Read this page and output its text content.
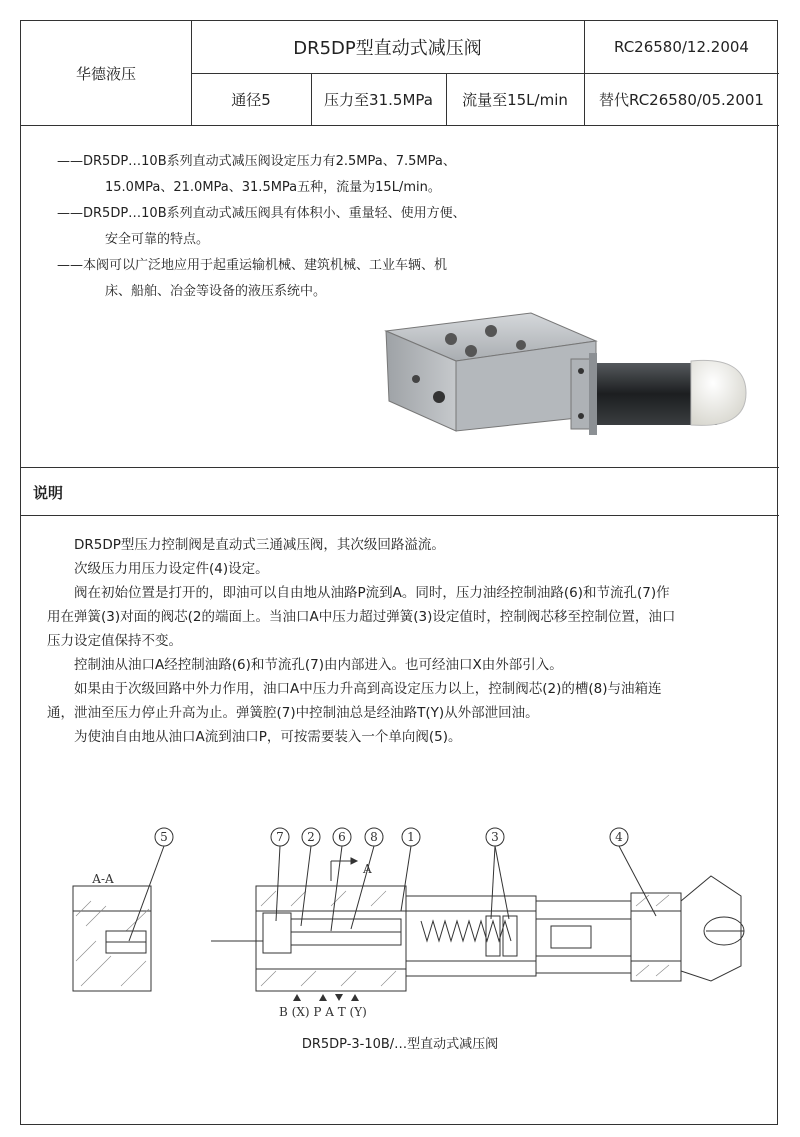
华德液压
DR5DP型直动式减压阀	RC26580/12.2004
通径5	压力至31.5MPa	流量至15L/min	替代RC26580/05.2001

——DR5DP…10B系列直动式减压阀设定压力有2.5MPa、7.5MPa、

15.0MPa、21.0MPa、31.5MPa五种，流量为15L/min。

——DR5DP…10B系列直动式减压阀具有体积小、重量轻、使用方便、

安全可靠的特点。

——本阀可以广泛地应用于起重运输机械、建筑机械、工业车辆、机

床、船舶、冶金等设备的液压系统中。

说明

DR5DP型压力控制阀是直动式三通减压阀，其次级回路溢流。

次级压力用压力设定件(4)设定。

阀在初始位置是打开的，即油可以自由地从油路P流到A。同时，压力油经控制油路(6)和节流孔(7)作

用在弹簧(3)对面的阀芯(2的端面上。当油口A中压力超过弹簧(3)设定值时，控制阀芯移至控制位置，油口

压力设定值保持不变。

控制油从油口A经控制油路(6)和节流孔(7)由内部进入。也可经油口X由外部引入。

如果由于次级回路中外力作用，油口A中压力升高到高设定压力以上，控制阀芯(2)的槽(8)与油箱连

通，泄油至压力停止升高为止。弹簧腔(7)中控制油总是经油路T(Y)从外部泄回油。

为使油自由地从油口A流到油口P，可按需要装入一个单向阀(5)。

5	7 2 6 8 1	3	4
A-A
A
B (X) P A T (Y)
DR5DP-3-10B/…型直动式减压阀
